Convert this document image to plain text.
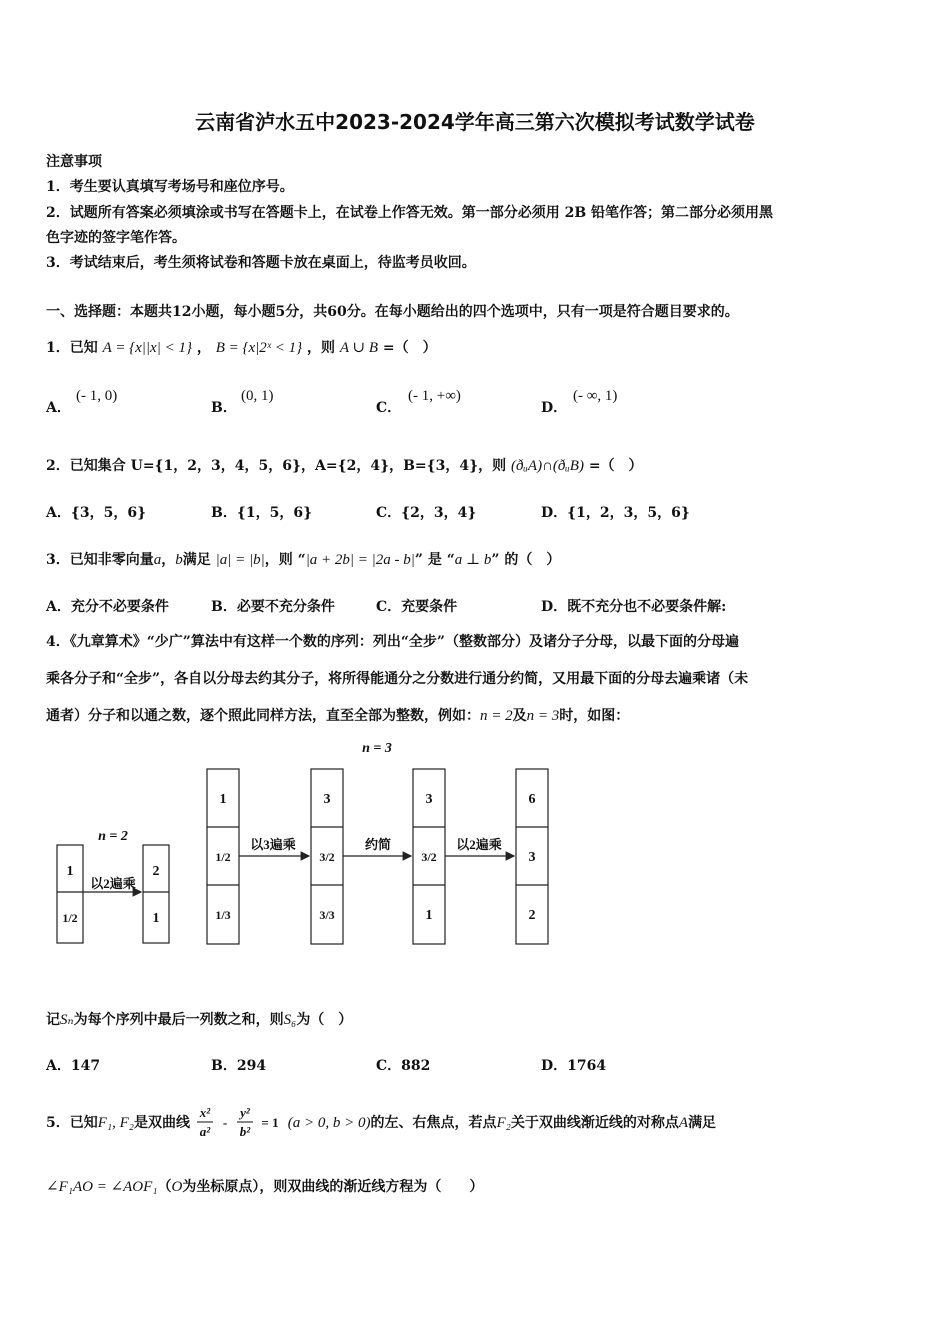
云南省泸水五中2023-2024学年高三第六次模拟考试数学试卷
注意事项
1．考生要认真填写考场号和座位序号。
2．试题所有答案必须填涂或书写在答题卡上，在试卷上作答无效。第一部分必须用 2B 铅笔作答；第二部分必须用黑
色字迹的签字笔作答。
3．考试结束后，考生须将试卷和答题卡放在桌面上，待监考员收回。
一、选择题：本题共12小题，每小题5分，共60分。在每小题给出的四个选项中，只有一项是符合题目要求的。
1．已知 A = {x||x| < 1} ， B = {x|2ˣ < 1} ，则 A ∪ B =（　）
A．
(- 1, 0)
B．
(0, 1)
C．
(- 1, +∞)
D．
(- ∞, 1)
2．已知集合 U={1，2，3，4，5，6}，A={2，4}，B={3，4}，则 (ðᵤA)∩(ðᵤB) =（　）
A．{3，5，6}	B．{1，5，6}	C．{2，3，4}	D．{1，2，3，5，6}
3．已知非零向量a，b满足 |a| = |b|，则 “|a + 2b| = |2a - b|” 是 “a ⊥ b” 的（　）
A．充分不必要条件	B．必要不充分条件	C．充要条件	D．既不充分也不必要条件解:
4．《九章算术》“少广”算法中有这样一个数的序列：列出“全步”（整数部分）及诸分子分母，以最下面的分母遍
乘各分子和“全步”，各自以分母去约其分子，将所得能通分之分数进行通分约简，又用最下面的分母去遍乘诸（未
通者）分子和以通之数，逐个照此同样方法，直至全部为整数，例如：n = 2及n = 3时，如图：
n = 2
n = 3
以2遍乘
以3遍乘	约简	以2遍乘
1
1/2
2
1
1
1/2
1/3
3
3/2
3/3
3
3/2
1
6
3
2
记Sₙ为每个序列中最后一列数之和，则S₆为（　）
A．147	B．294	C．882	D．1764
5．已知F₁, F₂是双曲线
x²
a²
-
y²
b²
= 1 (a > 0, b > 0)的左、右焦点，若点F₂关于双曲线渐近线的对称点A满足
∠F₁AO = ∠AOF₁（O为坐标原点），则双曲线的渐近线方程为（　　）
